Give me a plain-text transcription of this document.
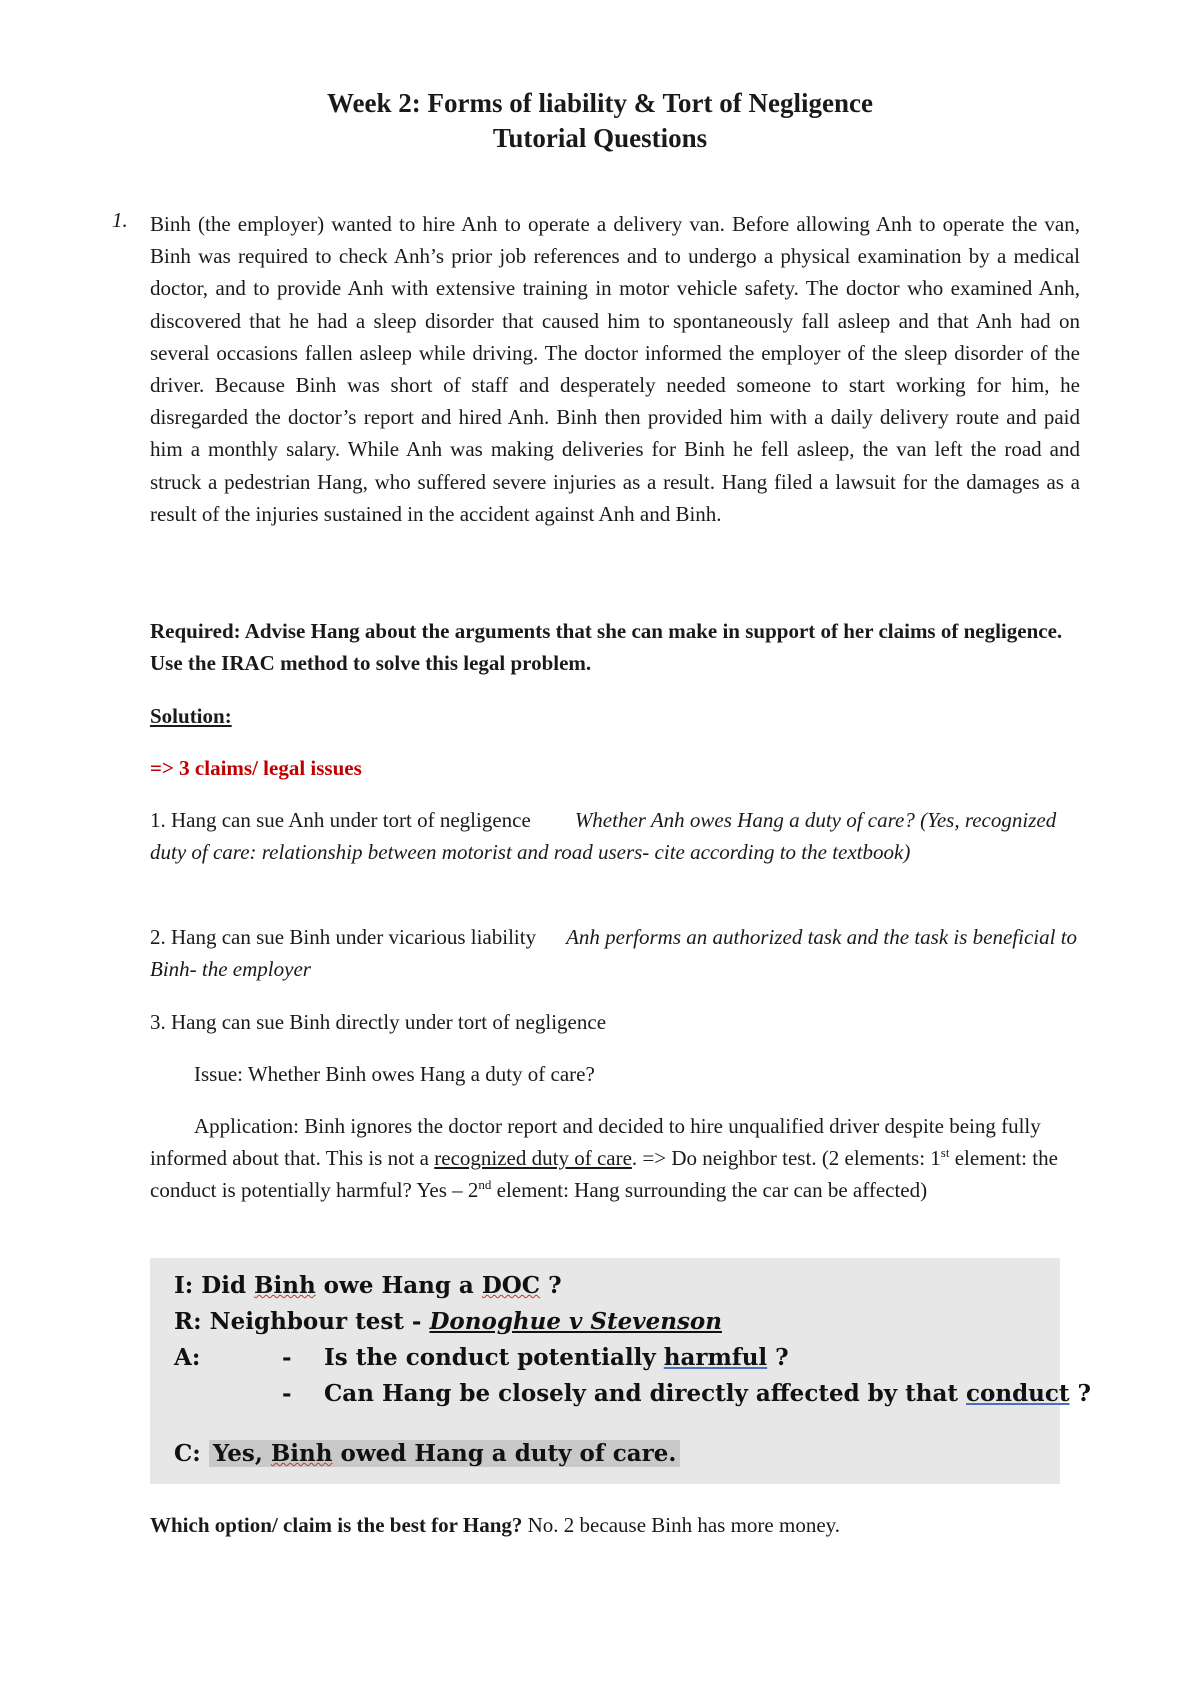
Week 2: Forms of liability & Tort of Negligence
Tutorial Questions
1. Binh (the employer) wanted to hire Anh to operate a delivery van. Before allowing Anh to operate the van, Binh was required to check Anh’s prior job references and to undergo a physical examination by a medical doctor, and to provide Anh with extensive training in motor vehicle safety. The doctor who examined Anh, discovered that he had a sleep disorder that caused him to spontaneously fall asleep and that Anh had on several occasions fallen asleep while driving. The doctor informed the employer of the sleep disorder of the driver. Because Binh was short of staff and desperately needed someone to start working for him, he disregarded the doctor’s report and hired Anh. Binh then provided him with a daily delivery route and paid him a monthly salary. While Anh was making deliveries for Binh he fell asleep, the van left the road and struck a pedestrian Hang, who suffered severe injuries as a result. Hang filed a lawsuit for the damages as a result of the injuries sustained in the accident against Anh and Binh.
Required: Advise Hang about the arguments that she can make in support of her claims of negligence. Use the IRAC method to solve this legal problem.
Solution:
=> 3 claims/ legal issues
1. Hang can sue Anh under tort of negligence Whether Anh owes Hang a duty of care? (Yes, recognized duty of care: relationship between motorist and road users- cite according to the textbook)
2. Hang can sue Binh under vicarious liability Anh performs an authorized task and the task is beneficial to Binh- the employer
3. Hang can sue Binh directly under tort of negligence
Issue: Whether Binh owes Hang a duty of care?
Application: Binh ignores the doctor report and decided to hire unqualified driver despite being fully informed about that. This is not a recognized duty of care. => Do neighbor test. (2 elements: 1st element: the conduct is potentially harmful? Yes – 2nd element: Hang surrounding the car can be affected)
I: Did Binh owe Hang a DOC ?
R: Neighbour test - Donoghue v Stevenson
A:	- Is the conduct potentially harmful ?
- Can Hang be closely and directly affected by that conduct ?
C: Yes, Binh owed Hang a duty of care.
Which option/ claim is the best for Hang? No. 2 because Binh has more money.
